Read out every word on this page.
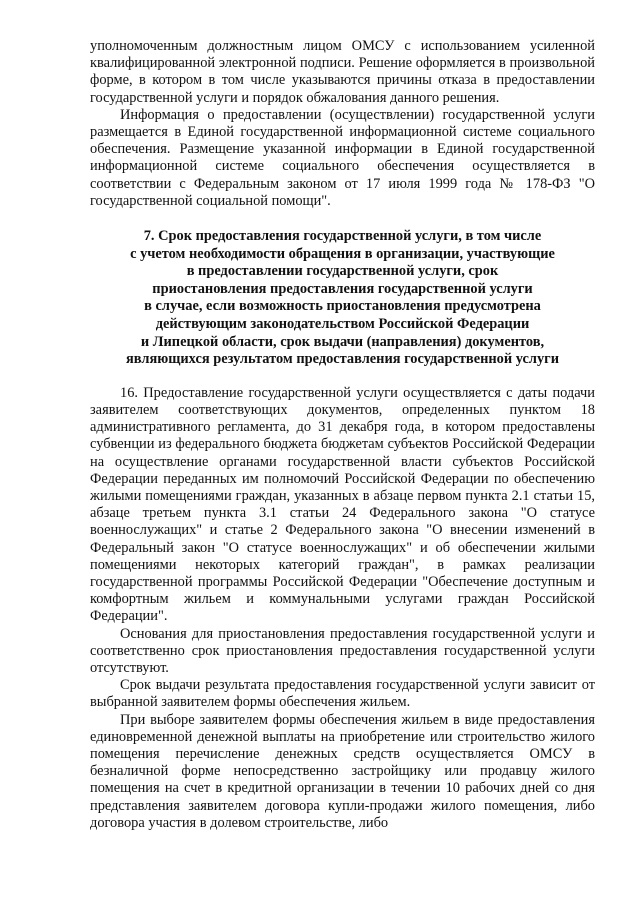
уполномоченным должностным лицом ОМСУ с использованием усиленной квалифицированной электронной подписи. Решение оформляется в произвольной форме, в котором в том числе указываются причины отказа в предоставлении государственной услуги и порядок обжалования данного решения.

Информация о предоставлении (осуществлении) государственной услуги размещается в Единой государственной информационной системе социального обеспечения. Размещение указанной информации в Единой государственной информационной системе социального обеспечения осуществляется в соответствии с Федеральным законом от 17 июля 1999 года № 178-ФЗ "О государственной социальной помощи".

7. Срок предоставления государственной услуги, в том числе
с учетом необходимости обращения в организации, участвующие
в предоставлении государственной услуги, срок
приостановления предоставления государственной услуги
в случае, если возможность приостановления предусмотрена
действующим законодательством Российской Федерации
и Липецкой области, срок выдачи (направления) документов,
являющихся результатом предоставления государственной услуги

16. Предоставление государственной услуги осуществляется с даты подачи заявителем соответствующих документов, определенных пунктом 18 административного регламента, до 31 декабря года, в котором предоставлены субвенции из федерального бюджета бюджетам субъектов Российской Федерации на осуществление органами государственной власти субъектов Российской Федерации переданных им полномочий Российской Федерации по обеспечению жилыми помещениями граждан, указанных в абзаце первом пункта 2.1 статьи 15, абзаце третьем пункта 3.1 статьи 24 Федерального закона "О статусе военнослужащих" и статье 2 Федерального закона "О внесении изменений в Федеральный закон "О статусе военнослужащих" и об обеспечении жилыми помещениями некоторых категорий граждан", в рамках реализации государственной программы Российской Федерации "Обеспечение доступным и комфортным жильем и коммунальными услугами граждан Российской Федерации".

Основания для приостановления предоставления государственной услуги и соответственно срок приостановления предоставления государственной услуги отсутствуют.

Срок выдачи результата предоставления государственной услуги зависит от выбранной заявителем формы обеспечения жильем.

При выборе заявителем формы обеспечения жильем в виде предоставления единовременной денежной выплаты на приобретение или строительство жилого помещения перечисление денежных средств осуществляется ОМСУ в безналичной форме непосредственно застройщику или продавцу жилого помещения на счет в кредитной организации в течении 10 рабочих дней со дня представления заявителем договора купли-продажи жилого помещения, либо договора участия в долевом строительстве, либо
